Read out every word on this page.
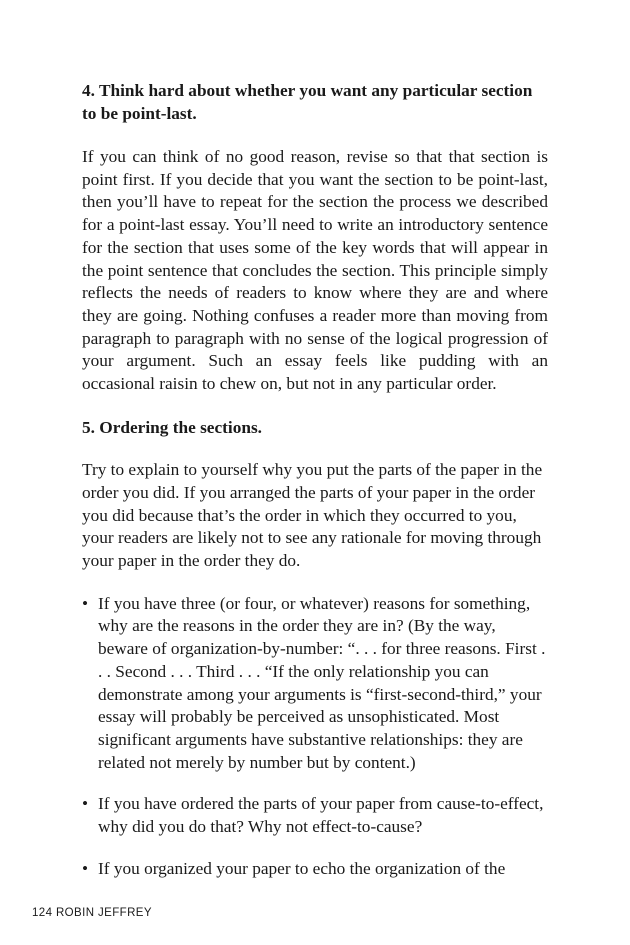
4. Think hard about whether you want any particular section to be point-last.

If you can think of no good reason, revise so that that section is point first. If you decide that you want the section to be point-last, then you’ll have to repeat for the section the process we described for a point-last essay. You’ll need to write an introductory sentence for the section that uses some of the key words that will appear in the point sentence that concludes the section. This principle simply reflects the needs of readers to know where they are and where they are going. Nothing confuses a reader more than moving from paragraph to paragraph with no sense of the logical progression of your argument. Such an essay feels like pudding with an occasional raisin to chew on, but not in any particular order.

5. Ordering the sections.

Try to explain to yourself why you put the parts of the paper in the order you did. If you arranged the parts of your paper in the order you did because that’s the order in which they occurred to you, your readers are likely not to see any rationale for moving through your paper in the order they do.

• If you have three (or four, or whatever) reasons for something, why are the reasons in the order they are in? (By the way, beware of organization-by-number: “. . . for three reasons. First . . . Second . . . Third . . . “If the only relationship you can demonstrate among your arguments is “first-second-third,” your essay will probably be perceived as unsophisticated. Most significant arguments have substantive relationships: they are related not merely by number but by content.)
• If you have ordered the parts of your paper from cause-to-effect, why did you do that? Why not effect-to-cause?
• If you organized your paper to echo the organization of the
124 ROBIN JEFFREY
